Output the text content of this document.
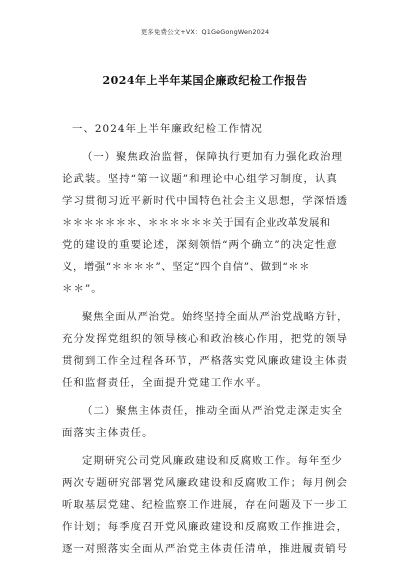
更多免费公文+VX：Q1GeGongWen2024
2024年上半年某国企廉政纪检工作报告
一、2024年上半年廉政纪检工作情况
（一）聚焦政治监督，保障执行更加有力强化政治理
论武装。坚持“第一议题”和理论中心组学习制度，认真
学习贯彻习近平新时代中国特色社会主义思想，学深悟透
＊＊＊＊＊＊＊、＊＊＊＊＊＊关于国有企业改革发展和
党的建设的重要论述，深刻领悟“两个确立”的决定性意
义，增强“＊＊＊＊”、坚定“四个自信”、做到“＊＊
＊＊”。
聚焦全面从严治党。始终坚持全面从严治党战略方针，
充分发挥党组织的领导核心和政治核心作用，把党的领导
贯彻到工作全过程各环节，严格落实党风廉政建设主体责
任和监督责任，全面提升党建工作水平。
（二）聚焦主体责任，推动全面从严治党走深走实全
面落实主体责任。
定期研究公司党风廉政建设和反腐败工作。每年至少
两次专题研究部署党风廉政建设和反腐败工作；每月例会
听取基层党建、纪检监察工作进展，存在问题及下一步工
作计划；每季度召开党风廉政建设和反腐败工作推进会，
逐一对照落实全面从严治党主体责任清单，推进履责销号
